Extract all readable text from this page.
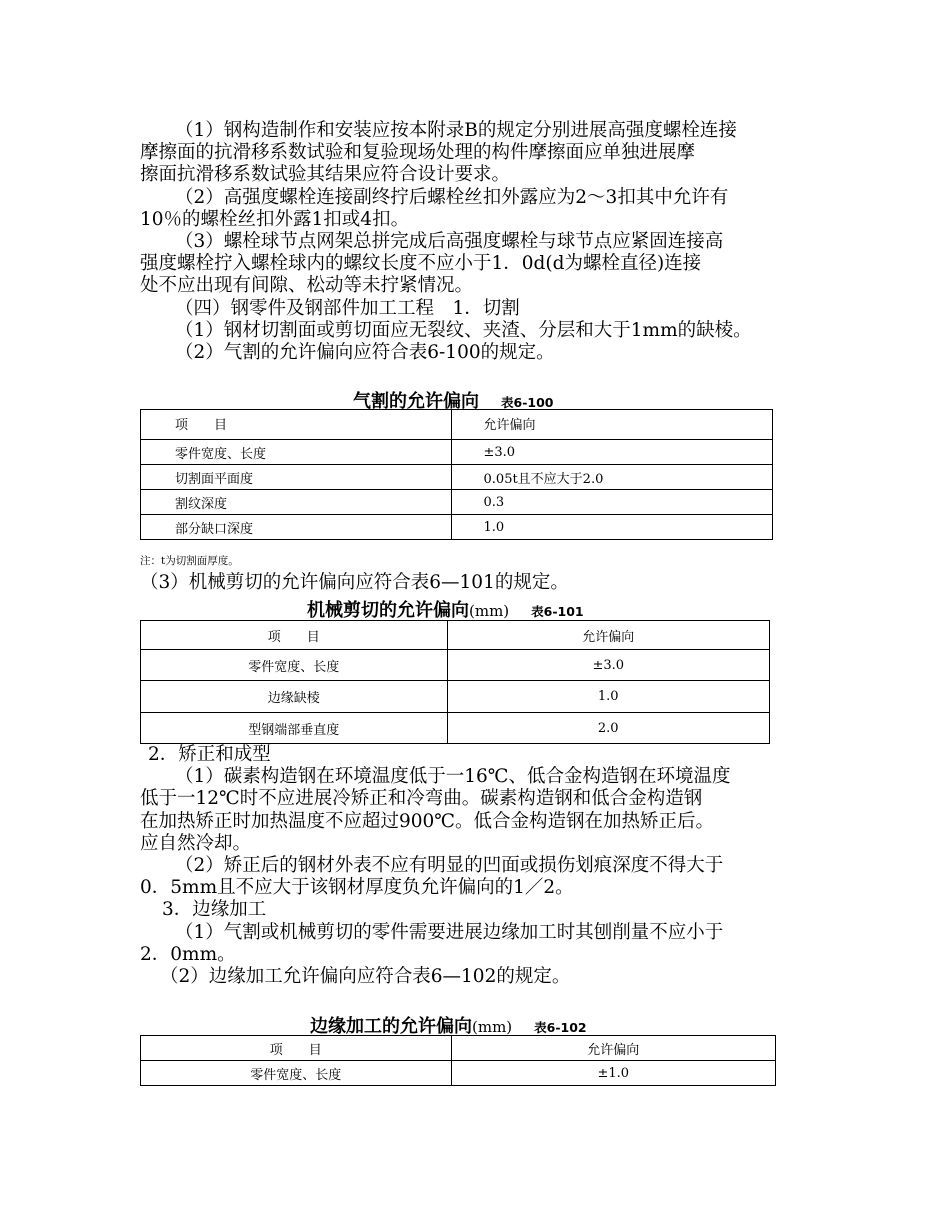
（1）钢构造制作和安装应按本附录B的规定分别进展高强度螺栓连接
摩擦面的抗滑移系数试验和复验现场处理的构件摩擦面应单独进展摩
擦面抗滑移系数试验其结果应符合设计要求。
（2）高强度螺栓连接副终拧后螺栓丝扣外露应为2～3扣其中允许有
10％的螺栓丝扣外露1扣或4扣。
（3）螺栓球节点网架总拼完成后高强度螺栓与球节点应紧固连接高
强度螺栓拧入螺栓球内的螺纹长度不应小于1．0d(d为螺栓直径)连接
处不应出现有间隙、松动等未拧紧情况。
（四）钢零件及钢部件加工工程　1．切割
（1）钢材切割面或剪切面应无裂纹、夹渣、分层和大于1mm的缺棱。
（2）气割的允许偏向应符合表6-100的规定。
气割的允许偏向 表6-100
项　　目	允许偏向
零件宽度、长度	±3.0
切割面平面度	0.05t且不应大于2.0
割纹深度	0.3
部分缺口深度	1.0
注：t为切割面厚度。
（3）机械剪切的允许偏向应符合表6—101的规定。
机械剪切的允许偏向(mm) 表6-101
项　　目	允许偏向
零件宽度、长度	±3.0
边缘缺棱	1.0
型钢端部垂直度	2.0
2．矫正和成型
（1）碳素构造钢在环境温度低于一16℃、低合金构造钢在环境温度
低于一12℃时不应进展冷矫正和冷弯曲。碳素构造钢和低合金构造钢
在加热矫正时加热温度不应超过900℃。低合金构造钢在加热矫正后。
应自然冷却。
（2）矫正后的钢材外表不应有明显的凹面或损伤划痕深度不得大于
0．5mm且不应大于该钢材厚度负允许偏向的1／2。
3．边缘加工
（1）气割或机械剪切的零件需要进展边缘加工时其刨削量不应小于
2．0mm。
（2）边缘加工允许偏向应符合表6—102的规定。
边缘加工的允许偏向(mm) 表6-102
项　　目	允许偏向
零件宽度、长度	±1.0
